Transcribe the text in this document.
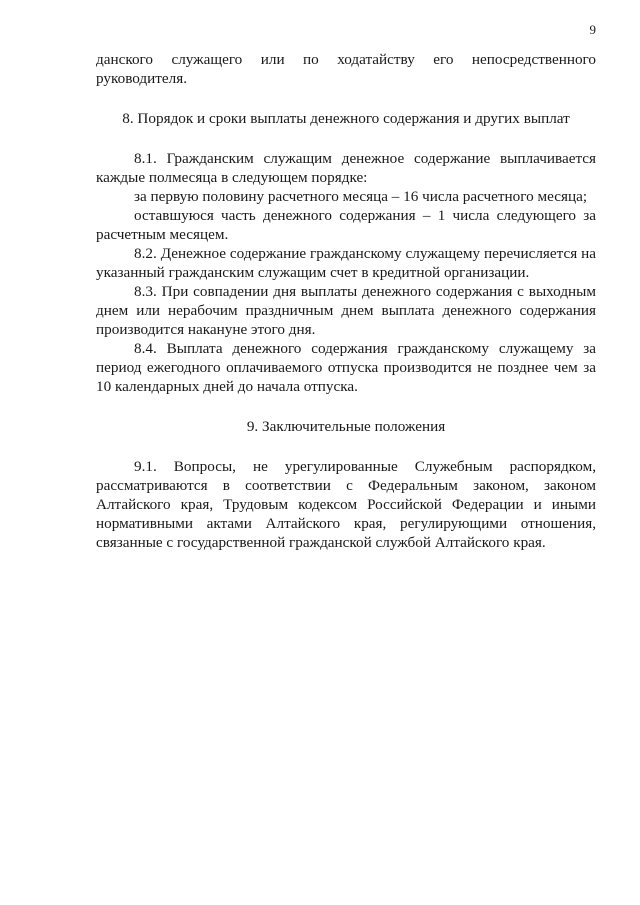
9

данского служащего или по ходатайству его непосредственного руководителя.

8. Порядок и сроки выплаты денежного содержания и других выплат

8.1. Гражданским служащим денежное содержание выплачивается каждые полмесяца в следующем порядке:

за первую половину расчетного месяца – 16 числа расчетного месяца;

оставшуюся часть денежного содержания – 1 числа следующего за расчетным месяцем.

8.2. Денежное содержание гражданскому служащему перечисляется на указанный гражданским служащим счет в кредитной организации.

8.3. При совпадении дня выплаты денежного содержания с выходным днем или нерабочим праздничным днем выплата денежного содержания производится накануне этого дня.

8.4. Выплата денежного содержания гражданскому служащему за период ежегодного оплачиваемого отпуска производится не позднее чем за 10 календарных дней до начала отпуска.

9. Заключительные положения

9.1. Вопросы, не урегулированные Служебным распорядком, рассматриваются в соответствии с Федеральным законом, законом Алтайского края, Трудовым кодексом Российской Федерации и иными нормативными актами Алтайского края, регулирующими отношения, связанные с государственной гражданской службой Алтайского края.
